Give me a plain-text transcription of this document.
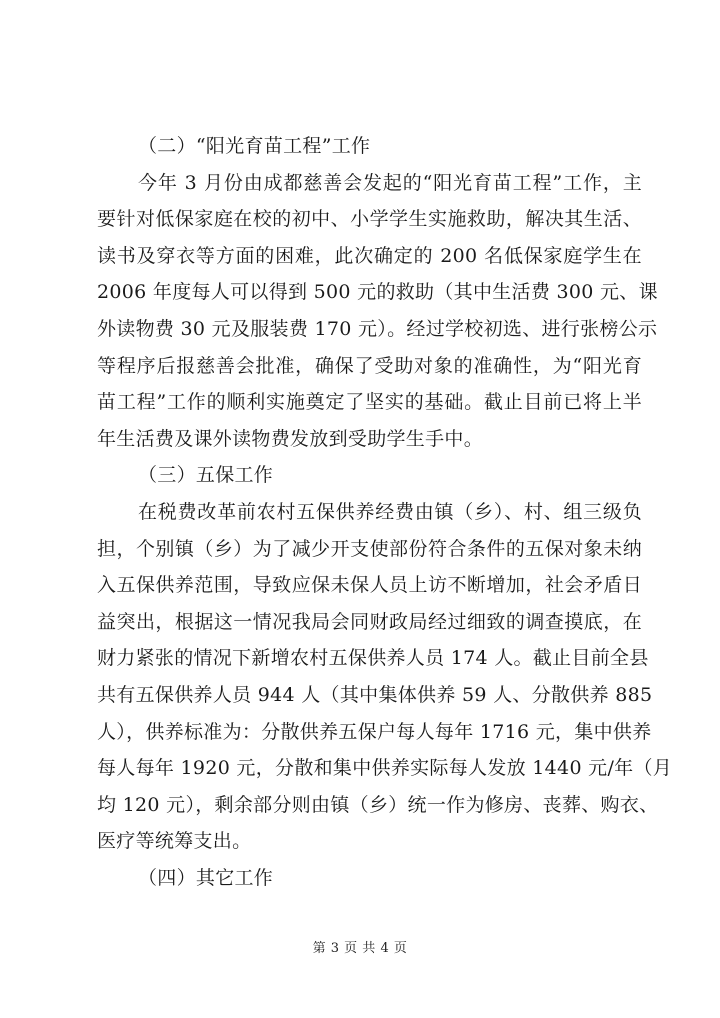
（二）“阳光育苗工程”工作
今年 3 月份由成都慈善会发起的“阳光育苗工程”工作，主
要针对低保家庭在校的初中、小学学生实施救助，解决其生活、
读书及穿衣等方面的困难，此次确定的 200 名低保家庭学生在
2006 年度每人可以得到 500 元的救助（其中生活费 300 元、课
外读物费 30 元及服装费 170 元）。经过学校初选、进行张榜公示
等程序后报慈善会批准，确保了受助对象的准确性，为“阳光育
苗工程”工作的顺利实施奠定了坚实的基础。截止目前已将上半
年生活费及课外读物费发放到受助学生手中。
（三）五保工作
在税费改革前农村五保供养经费由镇（乡）、村、组三级负
担，个别镇（乡）为了减少开支使部份符合条件的五保对象未纳
入五保供养范围，导致应保未保人员上访不断增加，社会矛盾日
益突出，根据这一情况我局会同财政局经过细致的调查摸底，在
财力紧张的情况下新增农村五保供养人员 174 人。截止目前全县
共有五保供养人员 944 人（其中集体供养 59 人、分散供养 885
人），供养标准为：分散供养五保户每人每年 1716 元，集中供养
每人每年 1920 元，分散和集中供养实际每人发放 1440 元/年（月
均 120 元），剩余部分则由镇（乡）统一作为修房、丧葬、购衣、
医疗等统筹支出。
（四）其它工作
第 3 页 共 4 页
